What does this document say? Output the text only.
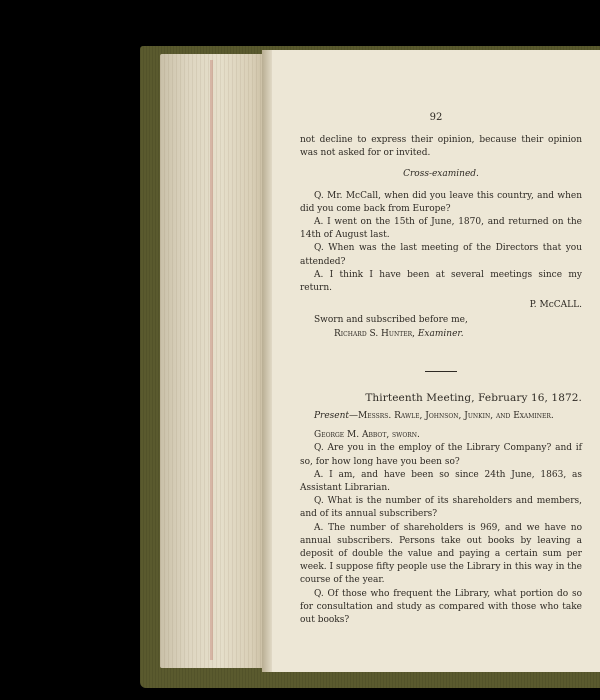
92

not decline to express their opinion, because their opinion was not asked for or invited.

Cross-examined.

Q. Mr. McCall, when did you leave this country, and when did you come back from Europe?

A. I went on the 15th of June, 1870, and returned on the 14th of August last.

Q. When was the last meeting of the Directors that you attended?

A. I think I have been at several meetings since my return.

P. McCALL.

Sworn and subscribed before me,

Richard S. Hunter, Examiner.

Thirteenth Meeting, February 16, 1872.

Present—Messrs. Rawle, Johnson, Junkin, and Examiner.

George M. Abbot, sworn.

Q. Are you in the employ of the Library Company? and if so, for how long have you been so?

A. I am, and have been so since 24th June, 1863, as Assistant Librarian.

Q. What is the number of its shareholders and members, and of its annual subscribers?

A. The number of shareholders is 969, and we have no annual subscribers. Persons take out books by leaving a deposit of double the value and paying a certain sum per week. I suppose fifty people use the Library in this way in the course of the year.

Q. Of those who frequent the Library, what portion do so for consultation and study as compared with those who take out books?
